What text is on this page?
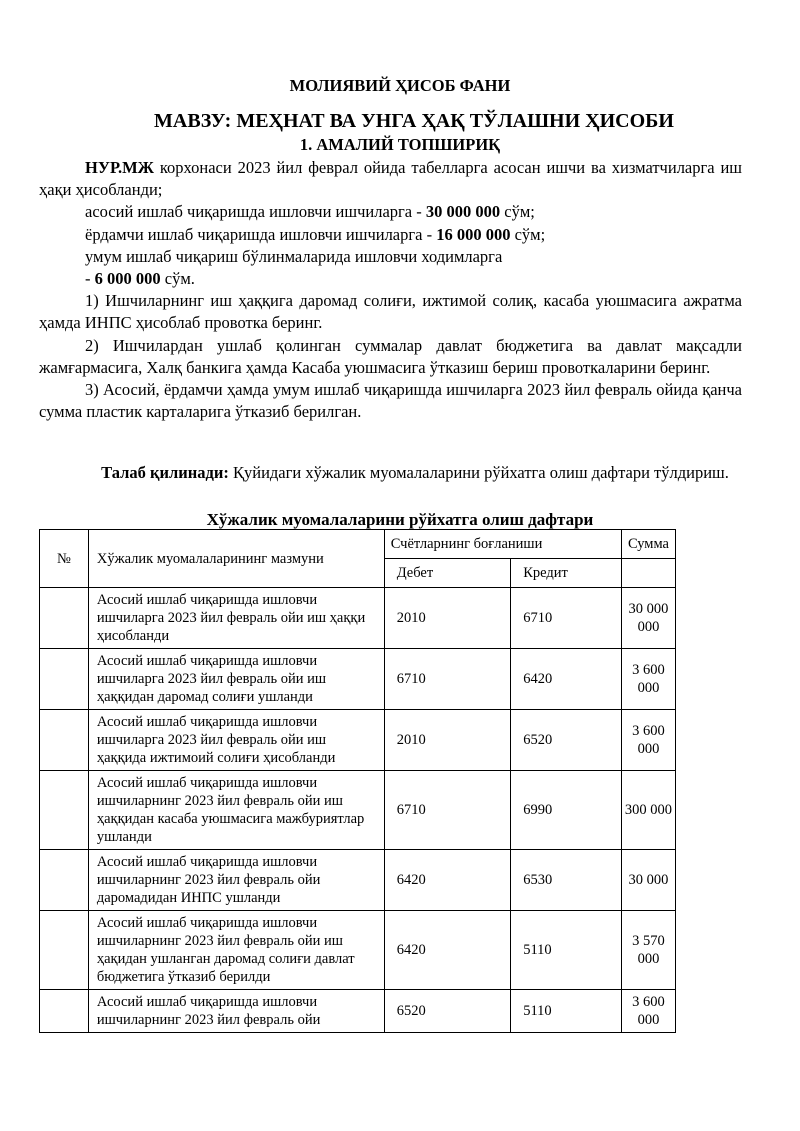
МОЛИЯВИЙ ҲИСОБ ФАНИ
МАВЗУ: МЕҲНАТ ВА УНГА ҲАҚ ТЎЛАШНИ ҲИСОБИ
1. АМАЛИЙ ТОПШИРИҚ

НУР.МЖ корхонаси 2023 йил феврал ойида табелларга асосан ишчи ва хизматчиларга иш ҳақи ҳисобланди;

асосий ишлаб чиқаришда ишловчи ишчиларга - 30 000 000 сўм;

ёрдамчи ишлаб чиқаришда ишловчи ишчиларга - 16 000 000 сўм;

умум ишлаб чиқариш бўлинмаларида ишловчи ходимларга

- 6 000 000 сўм.

1) Ишчиларнинг иш ҳаққига даромад солиғи, ижтимой солиқ, касаба уюшмасига ажратма ҳамда ИНПС ҳисоблаб провотка беринг.

2) Ишчилардан ушлаб қолинган суммалар давлат бюджетига ва давлат мақсадли жамғармасига, Халқ банкига ҳамда Касаба уюшмасига ўтказиш бериш провоткаларини беринг.

3) Асосий, ёрдамчи ҳамда умум ишлаб чиқаришда ишчиларга 2023 йил февраль ойида қанча сумма пластик карталарига ўтказиб берилган.

Талаб қилинади: Қуйидаги хўжалик муомалаларини рўйхатга олиш дафтари тўлдириш.
Хўжалик муомалаларини рўйхатга олиш дафтари
№	Хўжалик муомалаларининг мазмуни	Счётларнинг боғланиши		Сумма
		Дебет	Кредит	
	Асосий ишлаб чиқаришда ишловчи ишчиларга 2023 йил февраль ойи иш ҳаққи ҳисобланди	2010	6710	30 000 000
	Асосий ишлаб чиқаришда ишловчи ишчиларга 2023 йил февраль ойи иш ҳаққидан даромад солиғи ушланди	6710	6420	3 600 000
	Асосий ишлаб чиқаришда ишловчи ишчиларга 2023 йил февраль ойи иш ҳаққида ижтимоий солиғи ҳисобланди	2010	6520	3 600 000
	Асосий ишлаб чиқаришда ишловчи ишчиларнинг 2023 йил февраль ойи иш ҳаққидан касаба уюшмасига мажбуриятлар ушланди	6710	6990	300 000
	Асосий ишлаб чиқаришда ишловчи ишчиларнинг 2023 йил февраль ойи даромадидан ИНПС ушланди	6420	6530	30 000
	Асосий ишлаб чиқаришда ишловчи ишчиларнинг 2023 йил февраль ойи иш ҳақидан ушланган даромад солиғи давлат бюджетига ўтказиб берилди	6420	5110	3 570 000
	Асосий ишлаб чиқаришда ишловчи ишчиларнинг 2023 йил февраль ойи	6520	5110	3 600 000
